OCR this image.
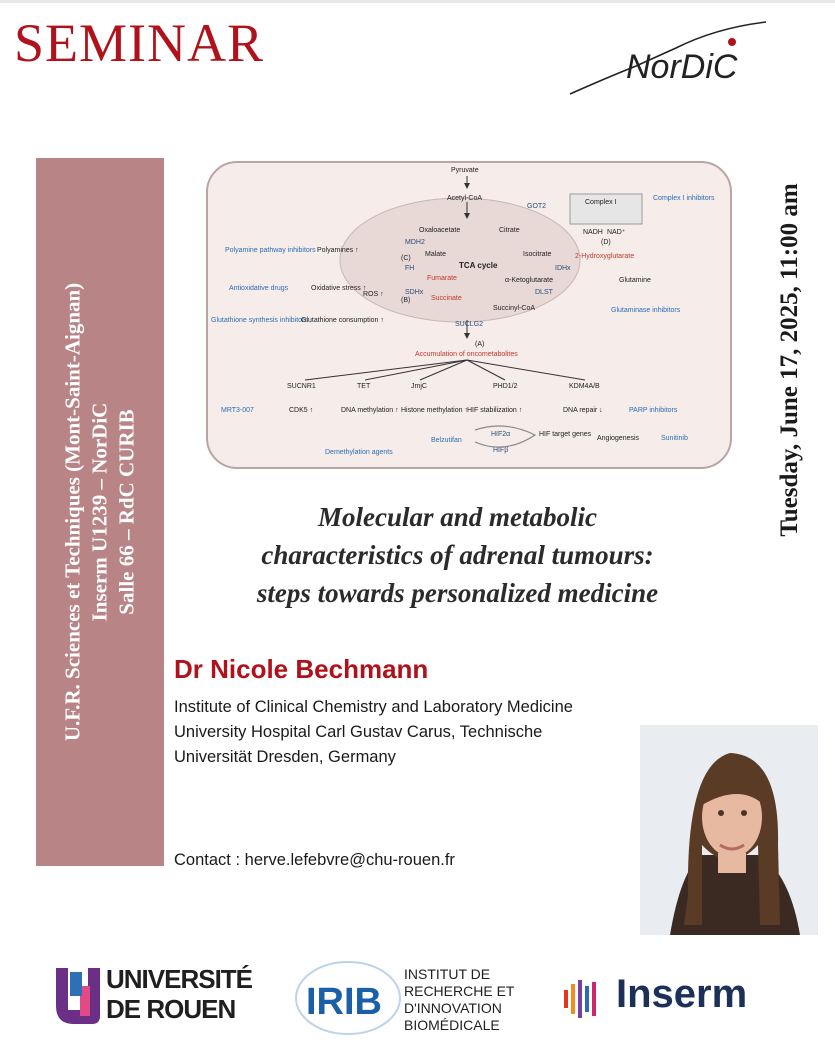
SEMINAR	NorDiC
U.F.R. Sciences et Techniques (Mont-Saint-Aignan) Inserm U1239 – NorDiC Salle 66 – RdC CURIB	Tuesday, June 17, 2025, 11:00 am
Pyruvate
Acetyl-CoA
GOT2
Complex I
NADH NAD⁺
(D)
Complex I inhibitors
Oxaloacetate	Citrate
MDH2
Malate
TCA cycle
Isocitrate
FH
Fumarate
IDHx
α-Ketoglutarate
SDHx
Succinate
Succinyl-CoA
SUCLG2
DLST
2-Hydroxyglutarate
Glutamine
Glutaminase inhibitors
Polyamine pathway inhibitors Polyamines ↑
(C)
Antioxidative drugs	Oxidative stress ↑
ROS ↑
(B)
Glutathione synthesis inhibitors
Glutathione consumption ↑
(A)
Accumulation of oncometabolites
SUCNR1	TET	JmjC	PHD1/2	KDM4A/B
CDK5 ↑	DNA methylation ↑ Histone methylation ↑ HIF stabilization ↑	DNA repair ↓
MRT3-007
Demethylation agents
Belzutifan
HIF2α
HIFβ
HIF target genes
Angiogenesis	Sunitinib
PARP inhibitors
Molecular and metabolic
characteristics of adrenal tumours:
steps towards personalized medicine
Dr Nicole Bechmann
Institute of Clinical Chemistry and Laboratory Medicine
University Hospital Carl Gustav Carus, Technische
Universität Dresden, Germany
Contact : herve.lefebvre@chu-rouen.fr
UNIVERSITÉ
DE ROUEN IRIB
INSTITUT DE
RECHERCHE ET
D'INNOVATION
BIOMÉDICALE
Inserm
